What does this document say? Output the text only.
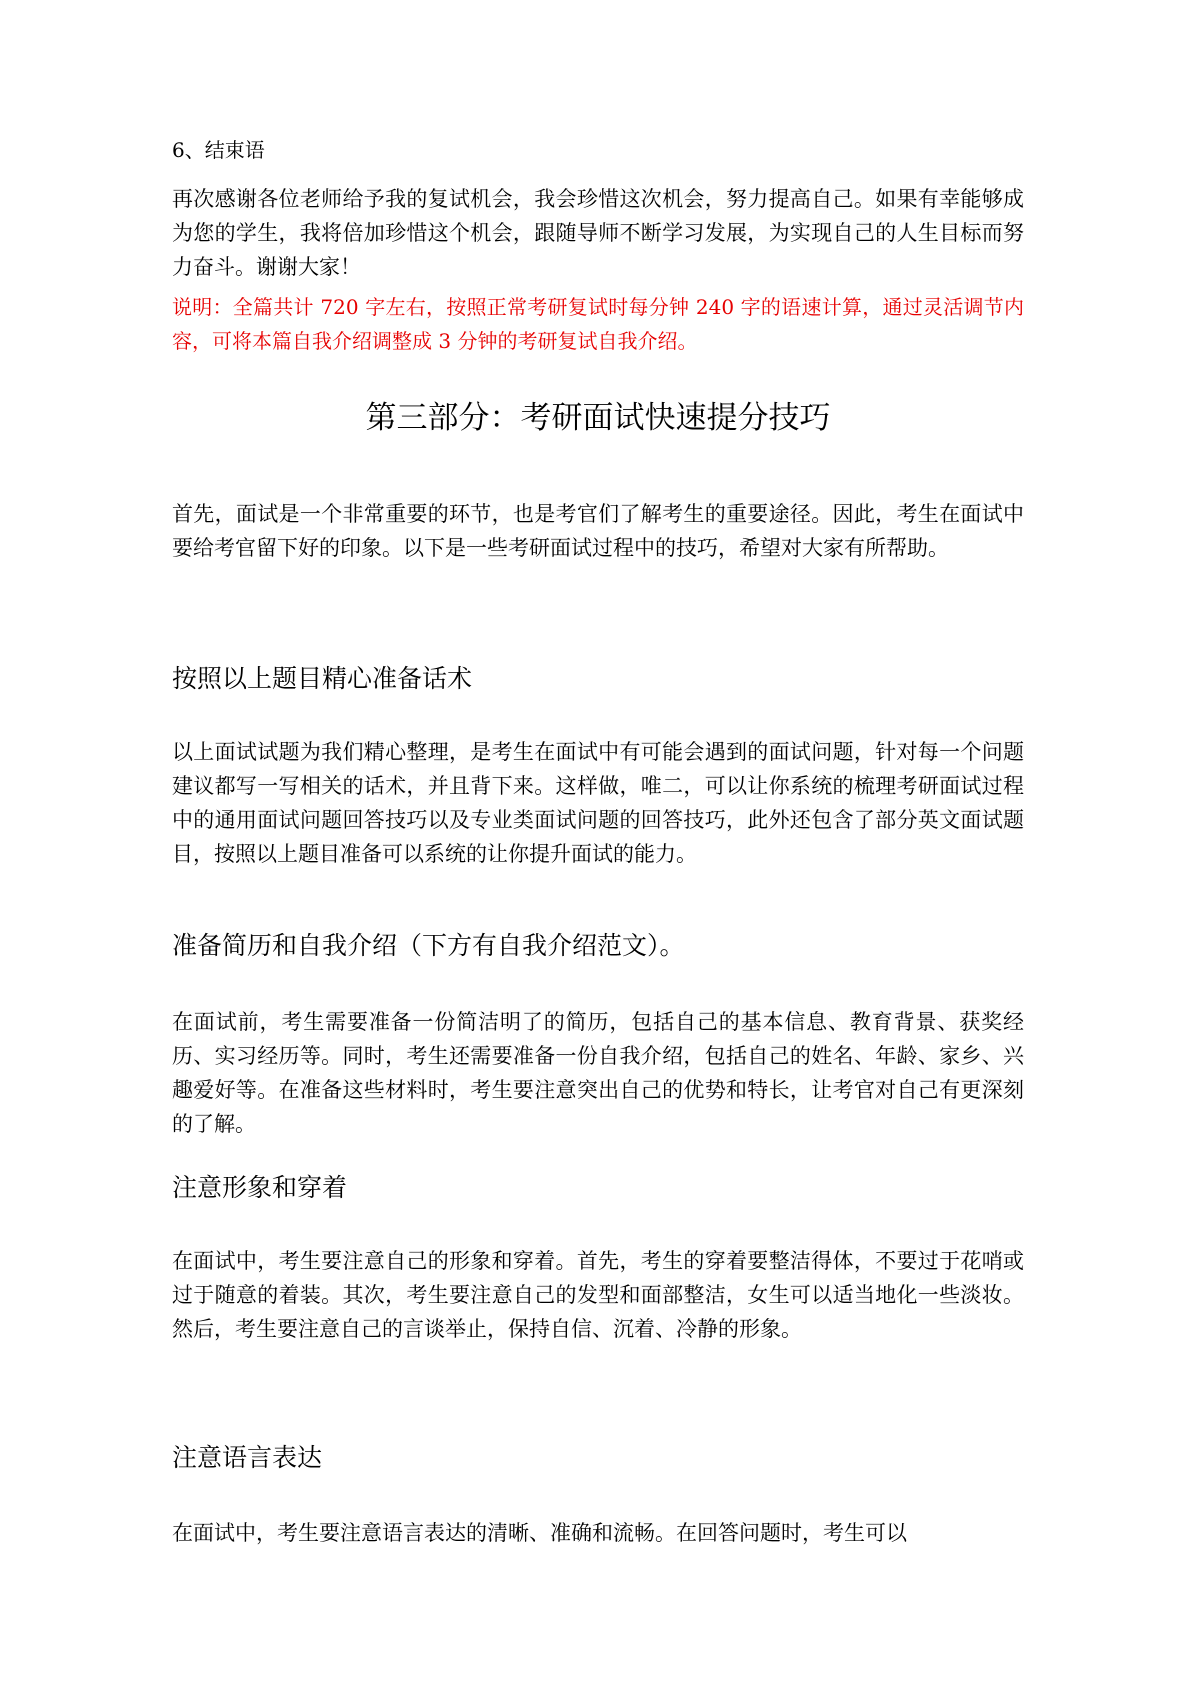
6、结束语

再次感谢各位老师给予我的复试机会，我会珍惜这次机会，努力提高自己。如果有幸能够成为您的学生，我将倍加珍惜这个机会，跟随导师不断学习发展，为实现自己的人生目标而努力奋斗。谢谢大家！

说明：全篇共计 720 字左右，按照正常考研复试时每分钟 240 字的语速计算，通过灵活调节内容，可将本篇自我介绍调整成 3 分钟的考研复试自我介绍。

第三部分：考研面试快速提分技巧

首先，面试是一个非常重要的环节，也是考官们了解考生的重要途径。因此，考生在面试中要给考官留下好的印象。以下是一些考研面试过程中的技巧，希望对大家有所帮助。

按照以上题目精心准备话术

以上面试试题为我们精心整理，是考生在面试中有可能会遇到的面试问题，针对每一个问题建议都写一写相关的话术，并且背下来。这样做，唯二，可以让你系统的梳理考研面试过程中的通用面试问题回答技巧以及专业类面试问题的回答技巧，此外还包含了部分英文面试题目，按照以上题目准备可以系统的让你提升面试的能力。

准备简历和自我介绍（下方有自我介绍范文）。

在面试前，考生需要准备一份简洁明了的简历，包括自己的基本信息、教育背景、获奖经历、实习经历等。同时，考生还需要准备一份自我介绍，包括自己的姓名、年龄、家乡、兴趣爱好等。在准备这些材料时，考生要注意突出自己的优势和特长，让考官对自己有更深刻的了解。

注意形象和穿着

在面试中，考生要注意自己的形象和穿着。首先，考生的穿着要整洁得体，不要过于花哨或过于随意的着装。其次，考生要注意自己的发型和面部整洁，女生可以适当地化一些淡妆。然后，考生要注意自己的言谈举止，保持自信、沉着、冷静的形象。

注意语言表达

在面试中，考生要注意语言表达的清晰、准确和流畅。在回答问题时，考生可以
